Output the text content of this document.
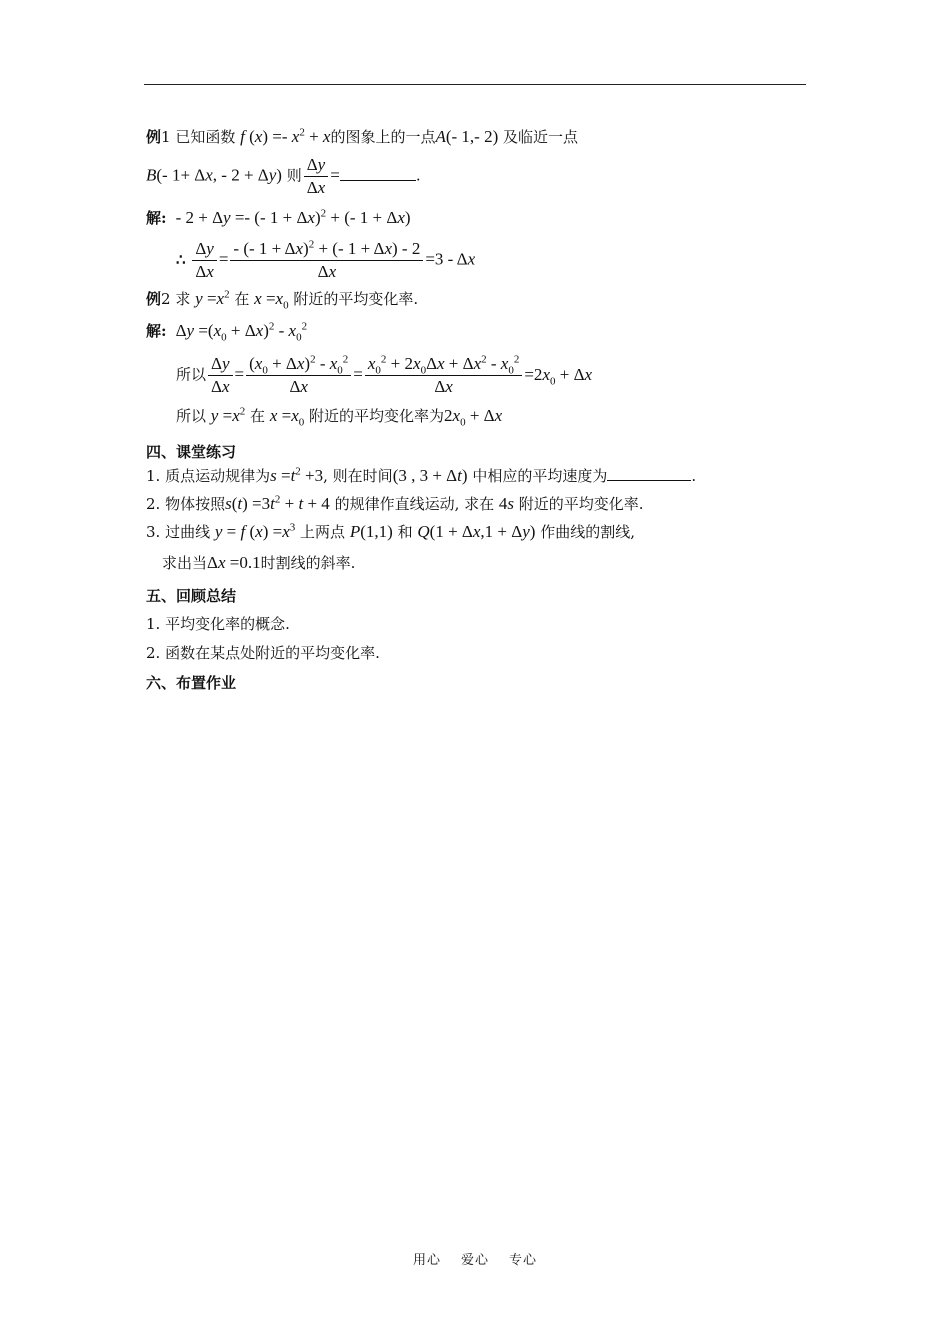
例1 已知函数 f $(x) =- x^2 + x$的图象上的一点A(- 1,- 2) 及临近一点
B(- 1+ Δx, - 2 + Δy) 则 $\frac{\Delta y}{\Delta x}$ =	.
解:  - 2 + Δy =- (- 1 + Δx)$^2$ + (- 1 + Δx)
∴ $\frac{\Delta y}{\Delta x} = \frac{- (- 1 + \Delta x)^2 + (- 1 + \Delta x) - 2}{\Delta x} =3 - \Delta x$
例2 求 $y =x^2$ 在 $x =x_0$ 附近的平均变化率.
解:  $\Delta y =(x_0 + \Delta x)^2 - x_0^2$
所以 $\frac{\Delta y}{\Delta x} = \frac{(x_0 + \Delta x)^2 - x_0^2}{\Delta x} = \frac{x_0^2 + 2x_0\Delta x + \Delta x^2 - x_0^2}{\Delta x} =2x_0 + \Delta x$
所以 $y =x^2$ 在 $x =x_0$ 附近的平均变化率为$2x_0 + \Delta x$
四、课堂练习
1. 质点运动规律为$s =t^2 +3$, 则在时间(3 , 3 + Δt) 中相应的平均速度为	.
2. 物体按照$s(t) =3t^2 + t + 4$ 的规律作直线运动, 求在 4s 附近的平均变化率.
3. 过曲线 y = f $(x) =x^3$ 上两点 P(1,1) 和 Q(1 + Δx,1 + Δy) 作曲线的割线,
求出当Δx =0.1时割线的斜率.
五、回顾总结
1. 平均变化率的概念.
2. 函数在某点处附近的平均变化率.
六、布置作业
用心 爱心 专心
